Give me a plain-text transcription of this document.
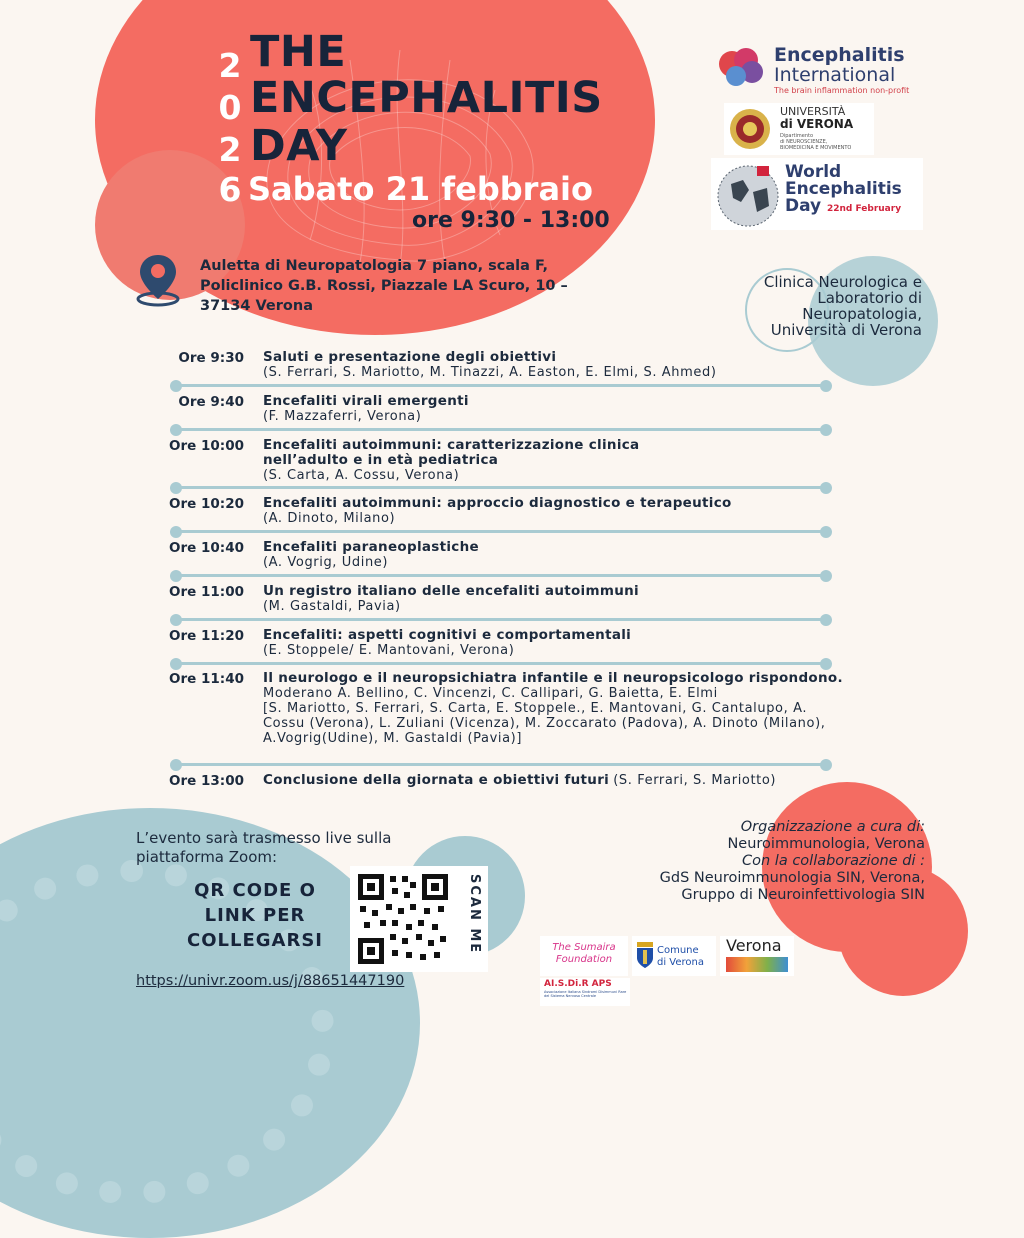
2
0
2
6
THE
ENCEPHALITIS
DAY
Sabato 21 febbraio
ore 9:30 - 13:00
Auletta di Neuropatologia 7 piano, scala F, Policlinico G.B. Rossi, Piazzale LA Scuro, 10 – 37134 Verona
Encephalitis
International
The brain inflammation non-profit
UNIVERSITÀ
di VERONA
Dipartimento
di NEUROSCIENZE,
BIOMEDICINA E MOVIMENTO
World
Encephalitis
Day 22nd February
Clinica Neurologica e Laboratorio di Neuropatologia, Università di Verona
Ore 9:30 Saluti e presentazione degli obiettivi
(S. Ferrari, S. Mariotto, M. Tinazzi, A. Easton, E. Elmi, S. Ahmed)
Ore 9:40 Encefaliti virali emergenti
(F. Mazzaferri, Verona)
Ore 10:00 Encefaliti autoimmuni: caratterizzazione clinica nell’adulto e in età pediatrica
(S. Carta, A. Cossu, Verona)
Ore 10:20 Encefaliti autoimmuni: approccio diagnostico e terapeutico
(A. Dinoto, Milano)
Ore 10:40 Encefaliti paraneoplastiche
(A. Vogrig, Udine)
Ore 11:00 Un registro italiano delle encefaliti autoimmuni
(M. Gastaldi, Pavia)
Ore 11:20 Encefaliti: aspetti cognitivi e comportamentali
(E. Stoppele/ E. Mantovani, Verona)
Ore 11:40 Il neurologo e il neuropsichiatra infantile e il neuropsicologo rispondono.
Moderano A. Bellino, C. Vincenzi, C. Callipari, G. Baietta, E. Elmi
[S. Mariotto, S. Ferrari, S. Carta, E. Stoppele., E. Mantovani, G. Cantalupo, A. Cossu (Verona), L. Zuliani (Vicenza), M. Zoccarato (Padova), A. Dinoto (Milano), A.Vogrig(Udine), M. Gastaldi (Pavia)]
Ore 13:00 Conclusione della giornata e obiettivi futuri (S. Ferrari, S. Mariotto)
L’evento sarà trasmesso live sulla piattaforma Zoom:
QR CODE O LINK PER COLLEGARSI	SCAN ME
https://univr.zoom.us/j/88651447190
Organizzazione a cura di:
Neuroimmunologia, Verona
Con la collaborazione di :
GdS Neuroimmunologia SIN, Verona,
Gruppo di Neuroinfettivologia SIN
The Sumaira Foundation
Comune
di Verona
Verona
AI.S.Di.R APS
Associazione Italiana Sindromi Disimmuni Rare del Sistema Nervoso Centrale
